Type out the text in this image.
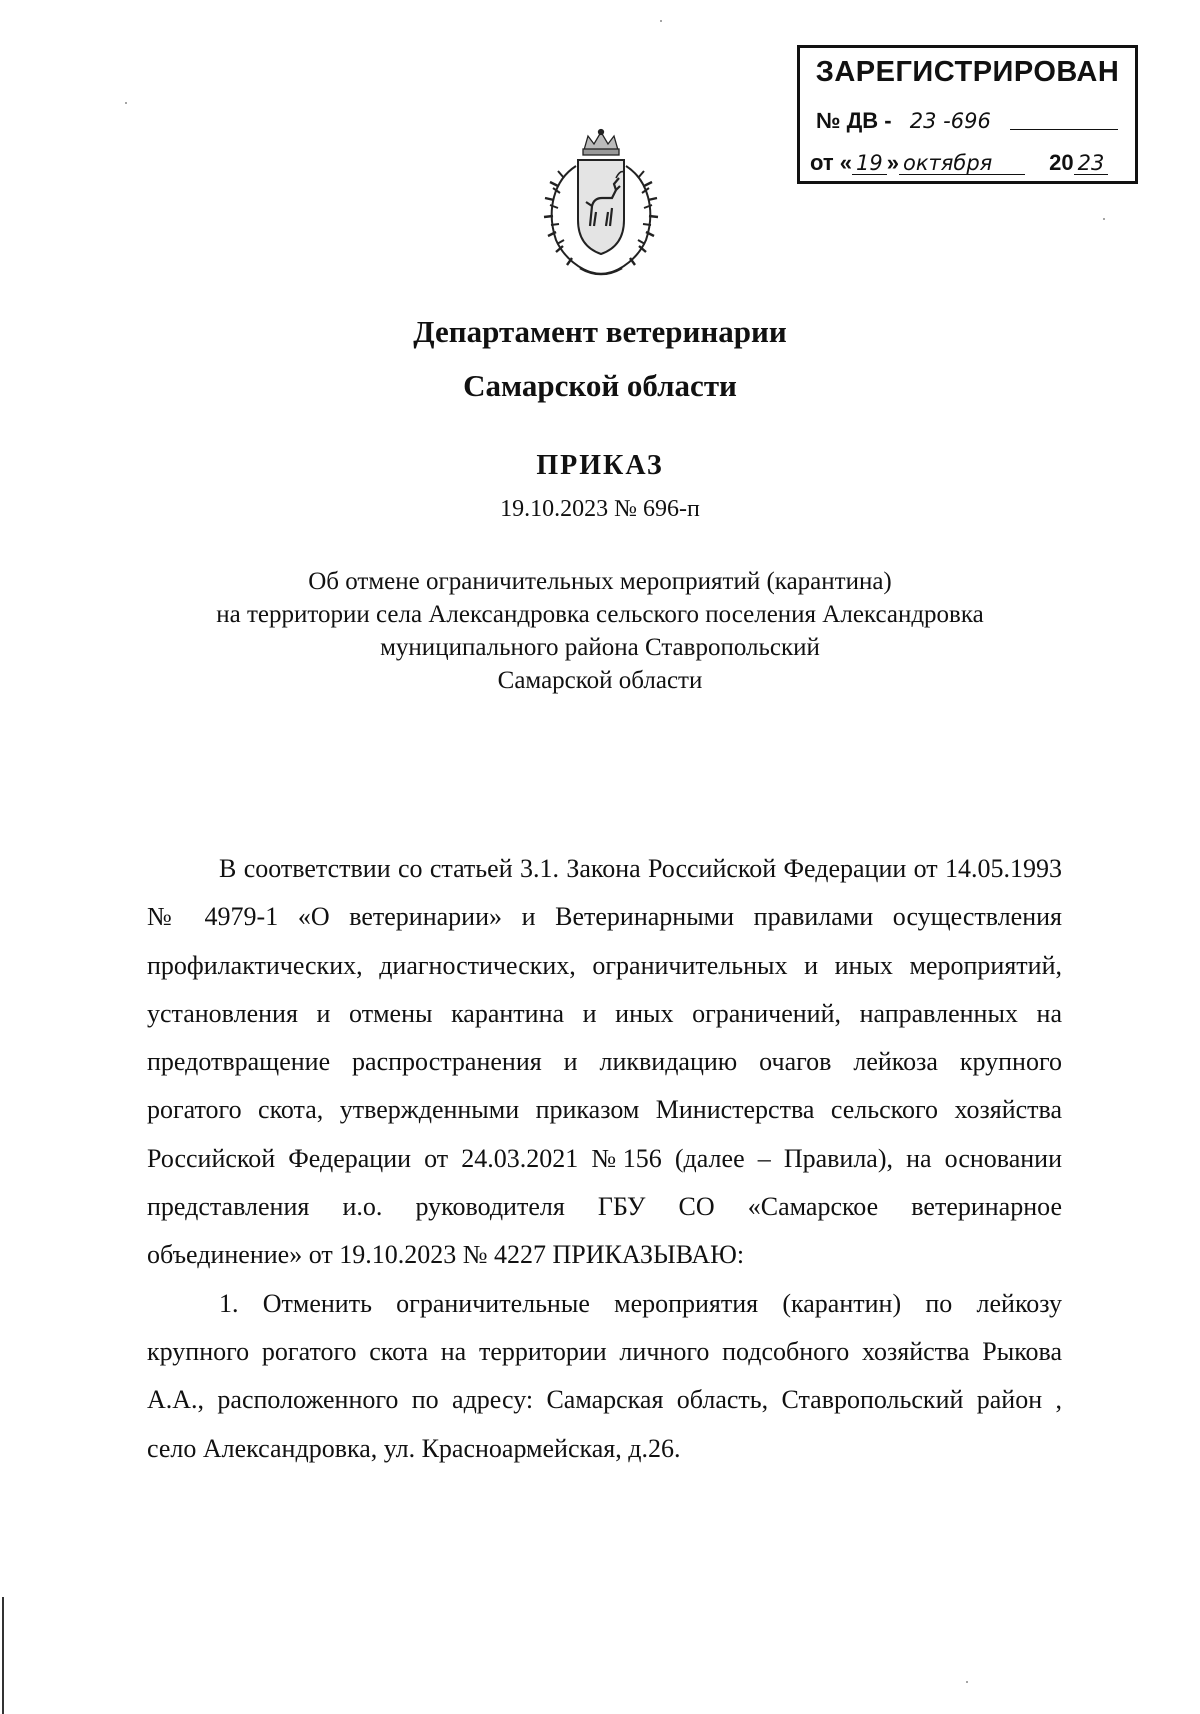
ЗАРЕГИСТРИРОВАН
№ ДВ - 23 -696
от « 19 » октября	20 23
Департамент ветеринарии
Самарской области
ПРИКАЗ
19.10.2023 № 696-п
Об отмене ограничительных мероприятий (карантина)
на территории села Александровка сельского поселения Александровка
муниципального района Ставропольский
Самарской области

В соответствии со статьей 3.1. Закона Российской Федерации от 14.05.1993 № 4979-1 «О ветеринарии» и Ветеринарными правилами осуществления профилактических, диагностических, ограничительных и иных мероприятий, установления и отмены карантина и иных ограничений, направленных на предотвращение распространения и ликвидацию очагов лейкоза крупного рогатого скота, утвержденными приказом Министерства сельского хозяйства Российской Федерации от 24.03.2021 №156 (далее – Правила), на основании представления и.о. руководителя ГБУ СО «Самарское ветеринарное объединение» от 19.10.2023 № 4227 ПРИКАЗЫВАЮ:

1. Отменить ограничительные мероприятия (карантин) по лейкозу крупного рогатого скота на территории личного подсобного хозяйства Рыкова А.А., расположенного по адресу: Самарская область, Ставропольский район , село Александровка, ул. Красноармейская, д.26.
